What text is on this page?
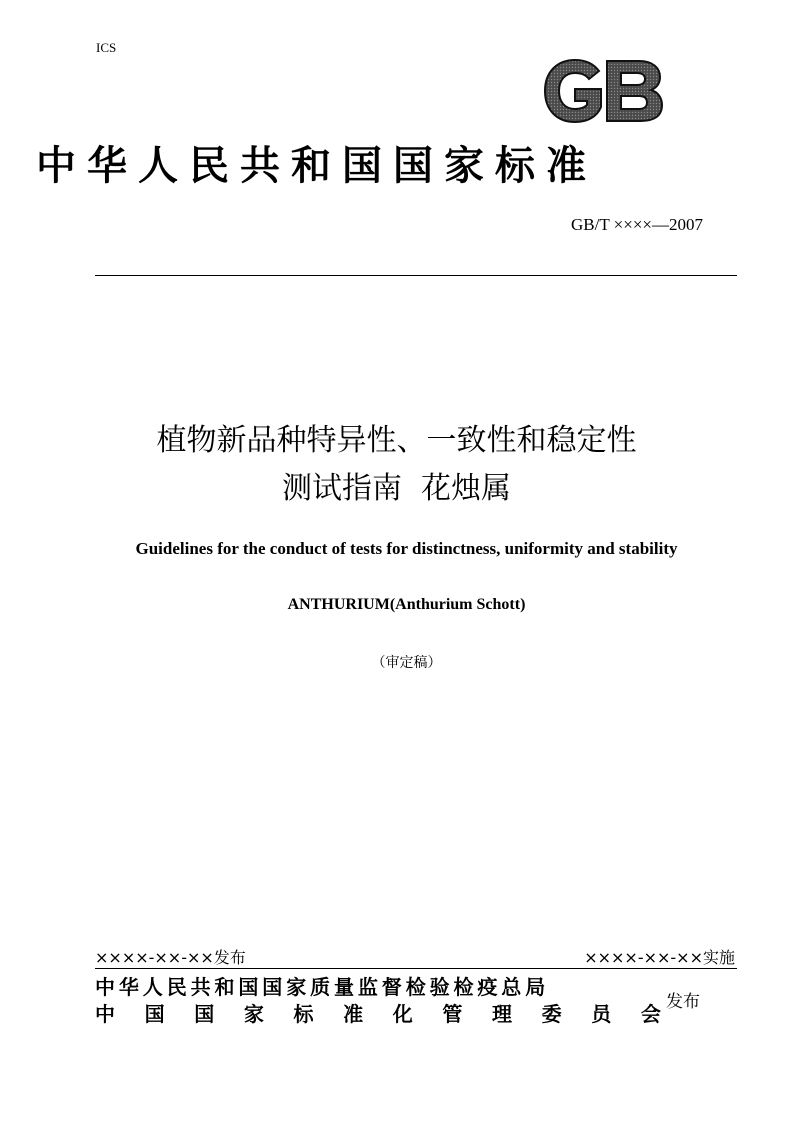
ICS
中华人民共和国国家标准
GB/T ××××—2007
植物新品种特异性、一致性和稳定性
测试指南  花烛属
Guidelines for the conduct of tests for distinctness, uniformity and stability
ANTHURIUM(Anthurium Schott)
（审定稿）
××××-××-××发布	××××-××-××实施
中华人民共和国国家质量监督检验检疫总局
中 国 国 家 标 准 化 管 理 委 员 会 发布
